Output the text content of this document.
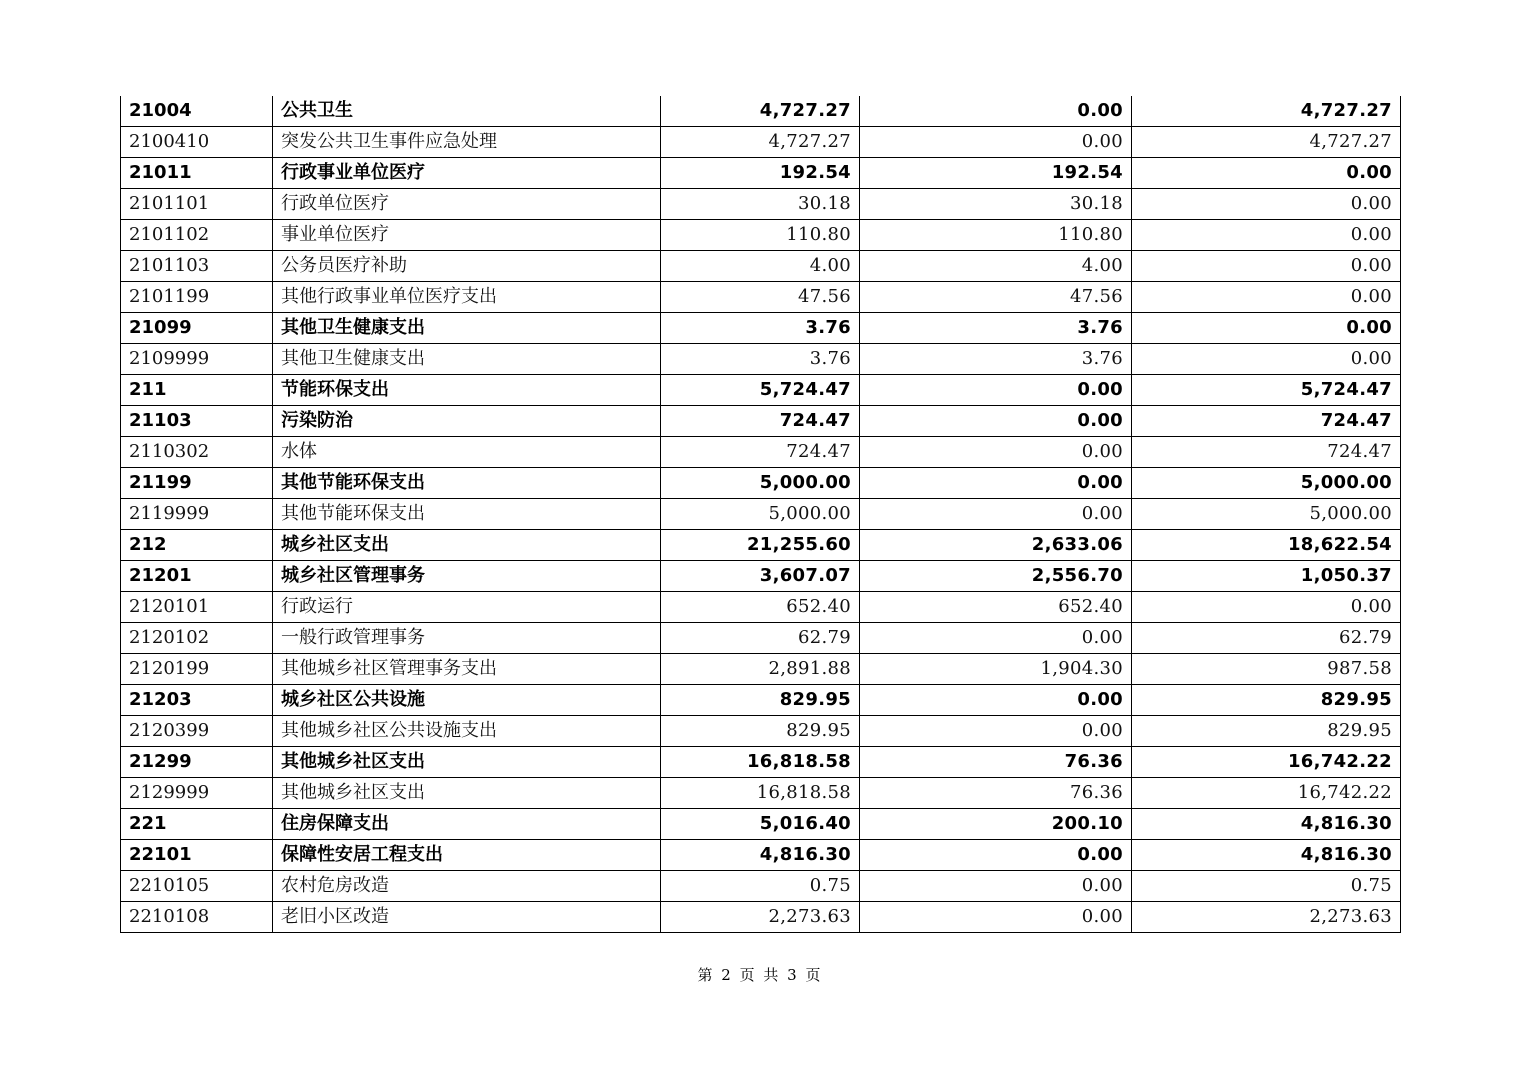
21004	公共卫生	4,727.27	0.00	4,727.27
2100410	突发公共卫生事件应急处理	4,727.27	0.00	4,727.27
21011	行政事业单位医疗	192.54	192.54	0.00
2101101	行政单位医疗	30.18	30.18	0.00
2101102	事业单位医疗	110.80	110.80	0.00
2101103	公务员医疗补助	4.00	4.00	0.00
2101199	其他行政事业单位医疗支出	47.56	47.56	0.00
21099	其他卫生健康支出	3.76	3.76	0.00
2109999	其他卫生健康支出	3.76	3.76	0.00
211	节能环保支出	5,724.47	0.00	5,724.47
21103	污染防治	724.47	0.00	724.47
2110302	水体	724.47	0.00	724.47
21199	其他节能环保支出	5,000.00	0.00	5,000.00
2119999	其他节能环保支出	5,000.00	0.00	5,000.00
212	城乡社区支出	21,255.60	2,633.06	18,622.54
21201	城乡社区管理事务	3,607.07	2,556.70	1,050.37
2120101	行政运行	652.40	652.40	0.00
2120102	一般行政管理事务	62.79	0.00	62.79
2120199	其他城乡社区管理事务支出	2,891.88	1,904.30	987.58
21203	城乡社区公共设施	829.95	0.00	829.95
2120399	其他城乡社区公共设施支出	829.95	0.00	829.95
21299	其他城乡社区支出	16,818.58	76.36	16,742.22
2129999	其他城乡社区支出	16,818.58	76.36	16,742.22
221	住房保障支出	5,016.40	200.10	4,816.30
22101	保障性安居工程支出	4,816.30	0.00	4,816.30
2210105	农村危房改造	0.75	0.00	0.75
2210108	老旧小区改造	2,273.63	0.00	2,273.63
第 2 页 共 3 页
